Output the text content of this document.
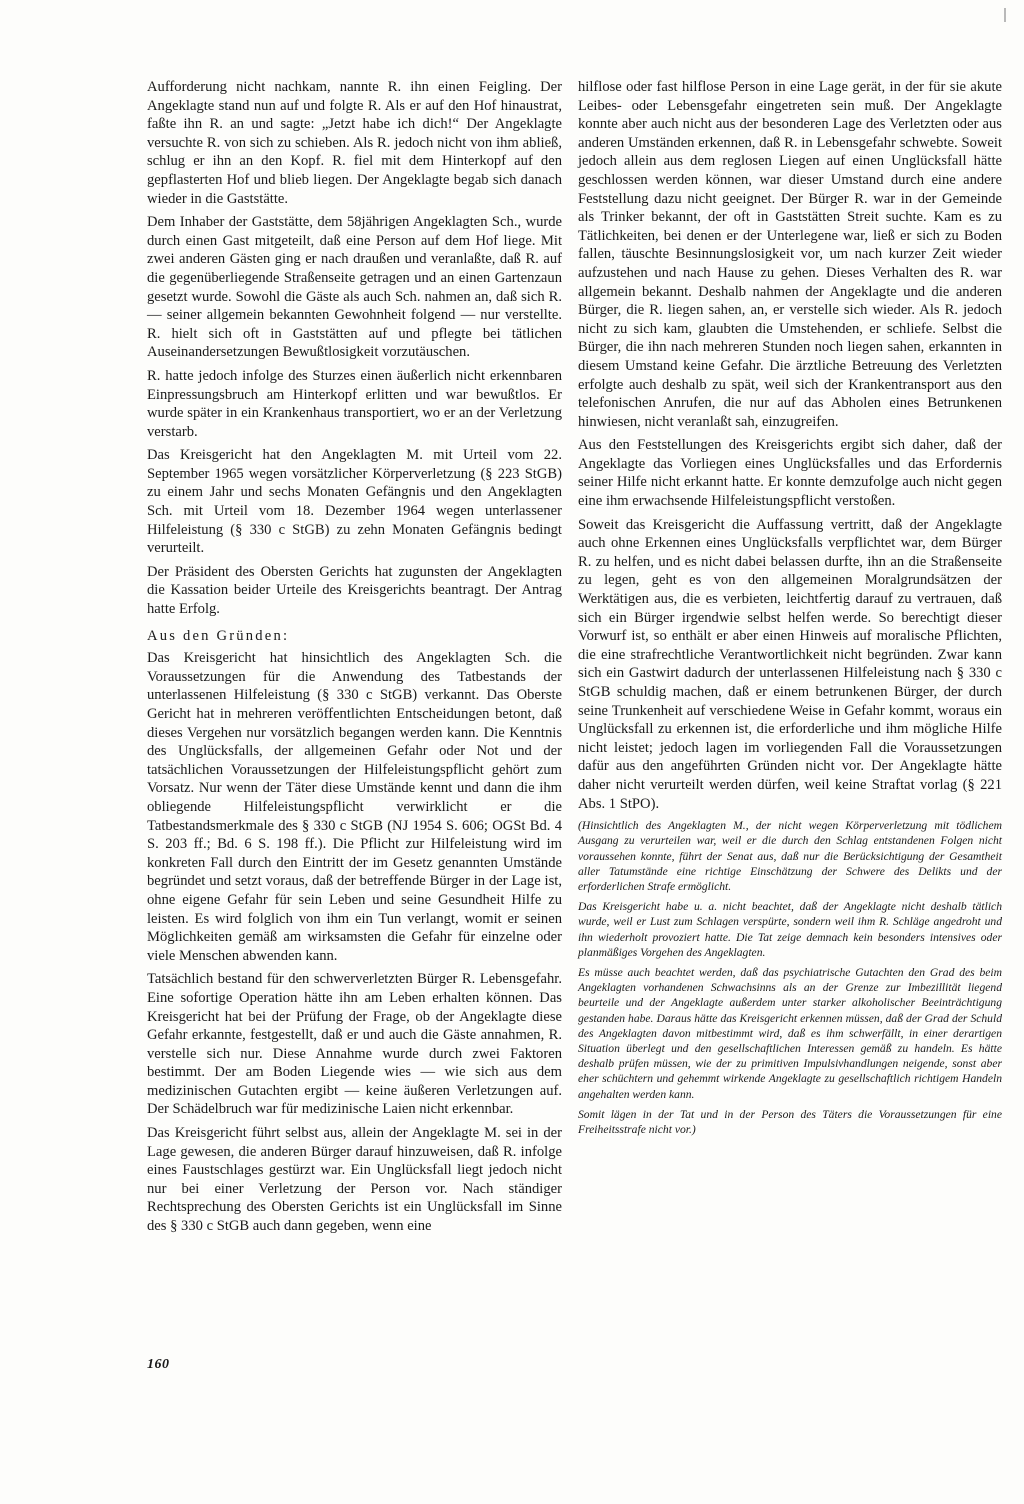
Aufforderung nicht nachkam, nannte R. ihn einen Feigling. Der Angeklagte stand nun auf und folgte R. Als er auf den Hof hinaustrat, faßte ihn R. an und sagte: „Jetzt habe ich dich!“ Der Angeklagte versuchte R. von sich zu schieben. Als R. jedoch nicht von ihm abließ, schlug er ihn an den Kopf. R. fiel mit dem Hinterkopf auf den gepflasterten Hof und blieb liegen. Der Angeklagte begab sich danach wieder in die Gaststätte.

Dem Inhaber der Gaststätte, dem 58jährigen Angeklagten Sch., wurde durch einen Gast mitgeteilt, daß eine Person auf dem Hof liege. Mit zwei anderen Gästen ging er nach draußen und veranlaßte, daß R. auf die gegenüberliegende Straßenseite getragen und an einen Gartenzaun gesetzt wurde. Sowohl die Gäste als auch Sch. nahmen an, daß sich R. — seiner allgemein bekannten Gewohnheit folgend — nur verstellte. R. hielt sich oft in Gaststätten auf und pflegte bei tätlichen Auseinandersetzungen Bewußtlosigkeit vorzutäuschen.

R. hatte jedoch infolge des Sturzes einen äußerlich nicht erkennbaren Einpressungsbruch am Hinterkopf erlitten und war bewußtlos. Er wurde später in ein Krankenhaus transportiert, wo er an der Verletzung verstarb.

Das Kreisgericht hat den Angeklagten M. mit Urteil vom 22. September 1965 wegen vorsätzlicher Körperverletzung (§ 223 StGB) zu einem Jahr und sechs Monaten Gefängnis und den Angeklagten Sch. mit Urteil vom 18. Dezember 1964 wegen unterlassener Hilfeleistung (§ 330 c StGB) zu zehn Monaten Gefängnis bedingt verurteilt.

Der Präsident des Obersten Gerichts hat zugunsten der Angeklagten die Kassation beider Urteile des Kreisgerichts beantragt. Der Antrag hatte Erfolg.

Aus den Gründen:

Das Kreisgericht hat hinsichtlich des Angeklagten Sch. die Voraussetzungen für die Anwendung des Tatbestands der unterlassenen Hilfeleistung (§ 330 c StGB) verkannt. Das Oberste Gericht hat in mehreren veröffentlichten Entscheidungen betont, daß dieses Vergehen nur vorsätzlich begangen werden kann. Die Kenntnis des Unglücksfalls, der allgemeinen Gefahr oder Not und der tatsächlichen Voraussetzungen der Hilfeleistungspflicht gehört zum Vorsatz. Nur wenn der Täter diese Umstände kennt und dann die ihm obliegende Hilfeleistungspflicht verwirklicht er die Tatbestandsmerkmale des § 330 c StGB (NJ 1954 S. 606; OGSt Bd. 4 S. 203 ff.; Bd. 6 S. 198 ff.). Die Pflicht zur Hilfeleistung wird im konkreten Fall durch den Eintritt der im Gesetz genannten Umstände begründet und setzt voraus, daß der betreffende Bürger in der Lage ist, ohne eigene Gefahr für sein Leben und seine Gesundheit Hilfe zu leisten. Es wird folglich von ihm ein Tun verlangt, womit er seinen Möglichkeiten gemäß am wirksamsten die Gefahr für einzelne oder viele Menschen abwenden kann.

Tatsächlich bestand für den schwerverletzten Bürger R. Lebensgefahr. Eine sofortige Operation hätte ihn am Leben erhalten können. Das Kreisgericht hat bei der Prüfung der Frage, ob der Angeklagte diese Gefahr erkannte, festgestellt, daß er und auch die Gäste annahmen, R. verstelle sich nur. Diese Annahme wurde durch zwei Faktoren bestimmt. Der am Boden Liegende wies — wie sich aus dem medizinischen Gutachten ergibt — keine äußeren Verletzungen auf. Der Schädelbruch war für medizinische Laien nicht erkennbar.

Das Kreisgericht führt selbst aus, allein der Angeklagte M. sei in der Lage gewesen, die anderen Bürger darauf hinzuweisen, daß R. infolge eines Faustschlages gestürzt war. Ein Unglücksfall liegt jedoch nicht nur bei einer Verletzung der Person vor. Nach ständiger Rechtsprechung des Obersten Gerichts ist ein Unglücksfall im Sinne des § 330 c StGB auch dann gegeben, wenn eine

hilflose oder fast hilflose Person in eine Lage gerät, in der für sie akute Leibes- oder Lebensgefahr eingetreten sein muß. Der Angeklagte konnte aber auch nicht aus der besonderen Lage des Verletzten oder aus anderen Umständen erkennen, daß R. in Lebensgefahr schwebte. Soweit jedoch allein aus dem reglosen Liegen auf einen Unglücksfall hätte geschlossen werden können, war dieser Umstand durch eine andere Feststellung dazu nicht geeignet. Der Bürger R. war in der Gemeinde als Trinker bekannt, der oft in Gaststätten Streit suchte. Kam es zu Tätlichkeiten, bei denen er der Unterlegene war, ließ er sich zu Boden fallen, täuschte Besinnungslosigkeit vor, um nach kurzer Zeit wieder aufzustehen und nach Hause zu gehen. Dieses Verhalten des R. war allgemein bekannt. Deshalb nahmen der Angeklagte und die anderen Bürger, die R. liegen sahen, an, er verstelle sich wieder. Als R. jedoch nicht zu sich kam, glaubten die Umstehenden, er schliefe. Selbst die Bürger, die ihn nach mehreren Stunden noch liegen sahen, erkannten in diesem Umstand keine Gefahr. Die ärztliche Betreuung des Verletzten erfolgte auch deshalb zu spät, weil sich der Krankentransport aus den telefonischen Anrufen, die nur auf das Abholen eines Betrunkenen hinwiesen, nicht veranlaßt sah, einzugreifen.

Aus den Feststellungen des Kreisgerichts ergibt sich daher, daß der Angeklagte das Vorliegen eines Unglücksfalles und das Erfordernis seiner Hilfe nicht erkannt hatte. Er konnte demzufolge auch nicht gegen eine ihm erwachsende Hilfeleistungspflicht verstoßen.

Soweit das Kreisgericht die Auffassung vertritt, daß der Angeklagte auch ohne Erkennen eines Unglücksfalls verpflichtet war, dem Bürger R. zu helfen, und es nicht dabei belassen durfte, ihn an die Straßenseite zu legen, geht es von den allgemeinen Moralgrundsätzen der Werktätigen aus, die es verbieten, leichtfertig darauf zu vertrauen, daß sich ein Bürger irgendwie selbst helfen werde. So berechtigt dieser Vorwurf ist, so enthält er aber einen Hinweis auf moralische Pflichten, die eine strafrechtliche Verantwortlichkeit nicht begründen. Zwar kann sich ein Gastwirt dadurch der unterlassenen Hilfeleistung nach § 330 c StGB schuldig machen, daß er einem betrunkenen Bürger, der durch seine Trunkenheit auf verschiedene Weise in Gefahr kommt, woraus ein Unglücksfall zu erkennen ist, die erforderliche und ihm mögliche Hilfe nicht leistet; jedoch lagen im vorliegenden Fall die Voraussetzungen dafür aus den angeführten Gründen nicht vor. Der Angeklagte hätte daher nicht verurteilt werden dürfen, weil keine Straftat vorlag (§ 221 Abs. 1 StPO).

(Hinsichtlich des Angeklagten M., der nicht wegen Körperverletzung mit tödlichem Ausgang zu verurteilen war, weil er die durch den Schlag entstandenen Folgen nicht voraussehen konnte, führt der Senat aus, daß nur die Berücksichtigung der Gesamtheit aller Tatumstände eine richtige Einschätzung der Schwere des Delikts und der erforderlichen Strafe ermöglicht.

Das Kreisgericht habe u. a. nicht beachtet, daß der Angeklagte nicht deshalb tätlich wurde, weil er Lust zum Schlagen verspürte, sondern weil ihm R. Schläge angedroht und ihn wiederholt provoziert hatte. Die Tat zeige demnach kein besonders intensives oder planmäßiges Vorgehen des Angeklagten.

Es müsse auch beachtet werden, daß das psychiatrische Gutachten den Grad des beim Angeklagten vorhandenen Schwachsinns als an der Grenze zur Imbezillität liegend beurteile und der Angeklagte außerdem unter starker alkoholischer Beeinträchtigung gestanden habe. Daraus hätte das Kreisgericht erkennen müssen, daß der Grad der Schuld des Angeklagten davon mitbestimmt wird, daß es ihm schwerfällt, in einer derartigen Situation überlegt und den gesellschaftlichen Interessen gemäß zu handeln. Es hätte deshalb prüfen müssen, wie der zu primitiven Impulsivhandlungen neigende, sonst aber eher schüchtern und gehemmt wirkende Angeklagte zu gesellschaftlich richtigem Handeln angehalten werden kann.

Somit lägen in der Tat und in der Person des Täters die Voraussetzungen für eine Freiheitsstrafe nicht vor.)

160
